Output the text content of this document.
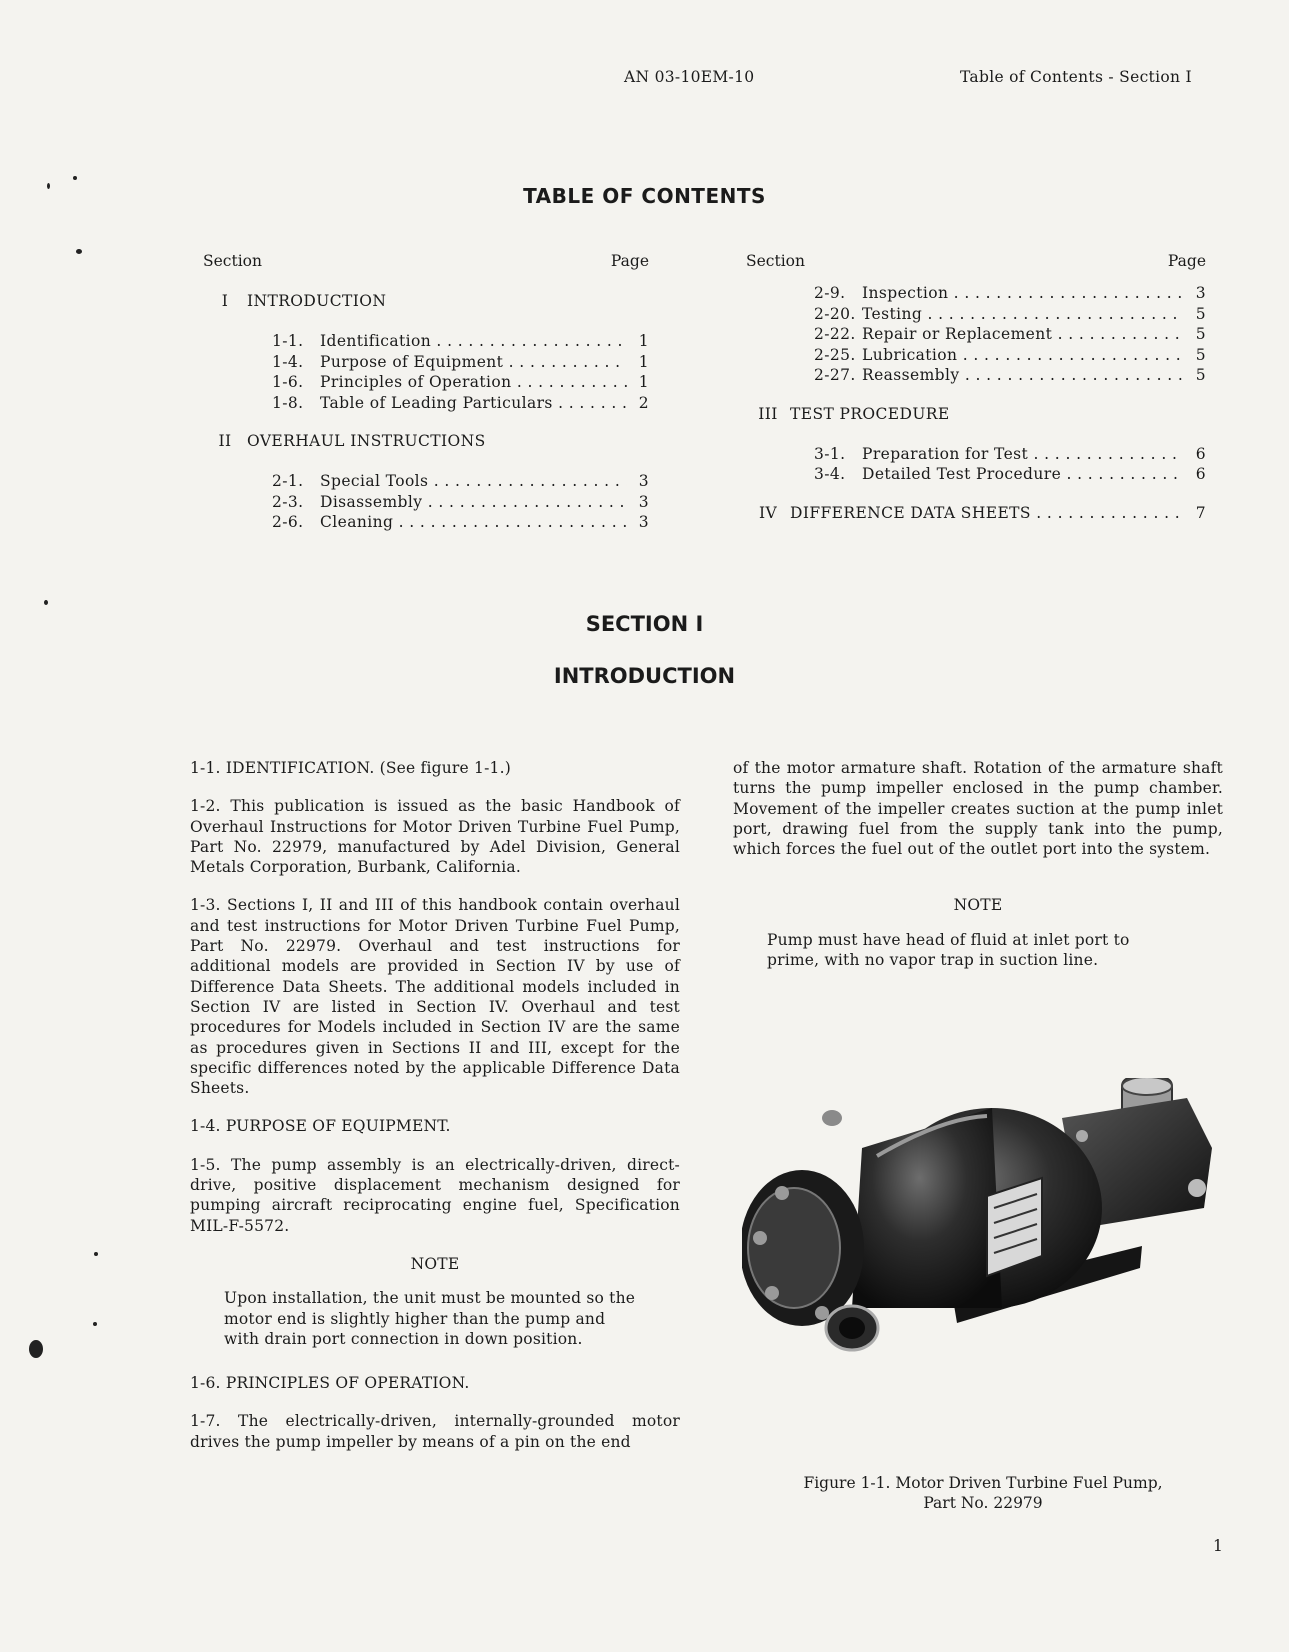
AN 03-10EM-10	Table of Contents - Section I
TABLE OF CONTENTS
Section	Page
I	INTRODUCTION
1-1.	Identification . . .	1
1-4.	Purpose of Equipment . . .	1
1-6.	Principles of Operation . . .	1
1-8.	Table of Leading Particulars . . .	2
II OVERHAUL INSTRUCTIONS
2-1.	Special Tools . . .	3
2-3.	Disassembly . . .	3
2-6.	Cleaning . . .	3
Section	Page
2-9.	Inspection . . .	3
2-20. Testing . . .	5
2-22. Repair or Replacement . . .	5
2-25. Lubrication . . .	5
2-27. Reassembly . . .	5
III TEST PROCEDURE
3-1.	Preparation for Test . . .	6
3-4.	Detailed Test Procedure . . .	6
IV DIFFERENCE DATA SHEETS . . .	7
SECTION I
INTRODUCTION

1-1. IDENTIFICATION. (See figure 1-1.)

1-2. This publication is issued as the basic Handbook of Overhaul Instructions for Motor Driven Turbine Fuel Pump, Part No. 22979, manufactured by Adel Division, General Metals Corporation, Burbank, California.

1-3. Sections I, II and III of this handbook contain overhaul and test instructions for Motor Driven Turbine Fuel Pump, Part No. 22979. Overhaul and test instructions for additional models are provided in Section IV by use of Difference Data Sheets. The additional models included in Section IV are listed in Section IV. Overhaul and test procedures for Models included in Section IV are the same as procedures given in Sections II and III, except for the specific differences noted by the applicable Difference Data Sheets.

1-4. PURPOSE OF EQUIPMENT.

1-5. The pump assembly is an electrically-driven, direct-drive, positive displacement mechanism designed for pumping aircraft reciprocating engine fuel, Specification MIL-F-5572.

NOTE

Upon installation, the unit must be mounted so the motor end is slightly higher than the pump and with drain port connection in down position.

1-6. PRINCIPLES OF OPERATION.

1-7. The electrically-driven, internally-grounded motor drives the pump impeller by means of a pin on the end

of the motor armature shaft. Rotation of the armature shaft turns the pump impeller enclosed in the pump chamber. Movement of the impeller creates suction at the pump inlet port, drawing fuel from the supply tank into the pump, which forces the fuel out of the outlet port into the system.

NOTE

Pump must have head of fluid at inlet port to prime, with no vapor trap in suction line.

Figure 1-1. Motor Driven Turbine Fuel Pump,
Part No. 22979
1
